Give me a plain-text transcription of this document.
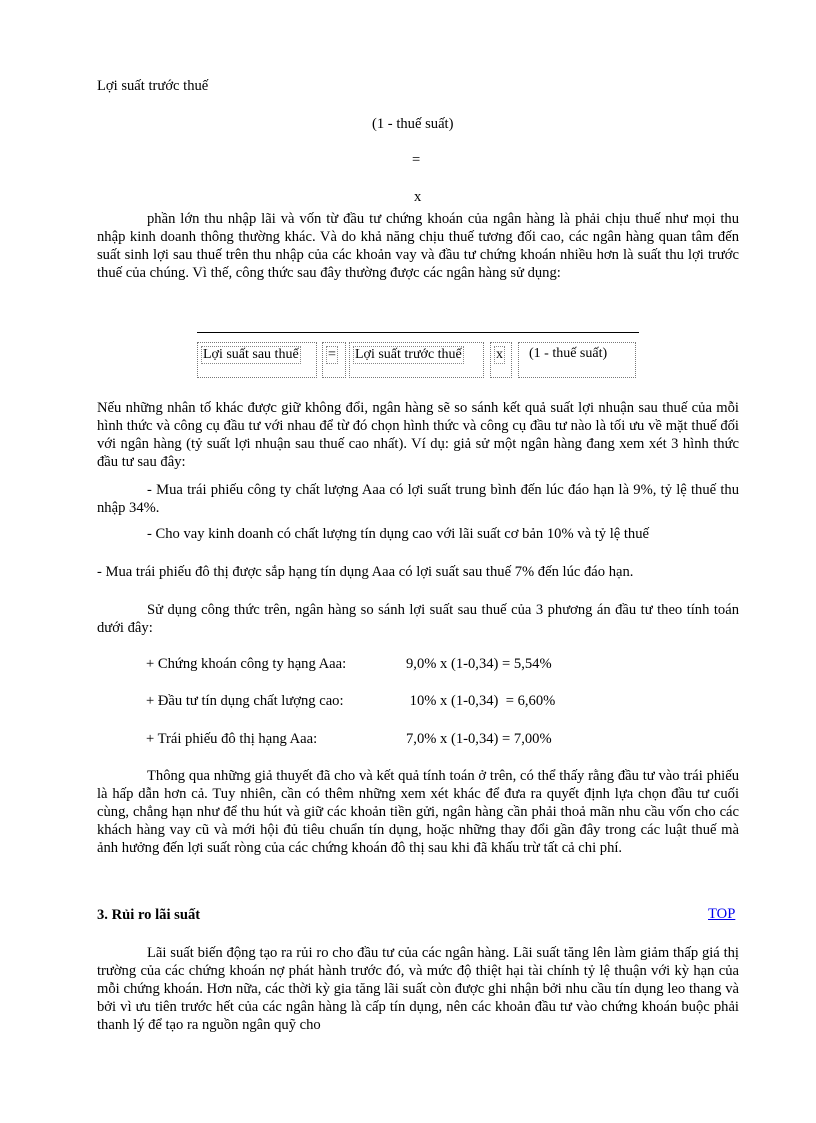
Lợi suất trước thuế
(1 - thuế suất)
=
x
phần lớn thu nhập lãi và vốn từ đầu tư chứng khoán của ngân hàng là phải chịu thuế như mọi thu nhập kinh doanh thông thường khác. Và do khả năng chịu thuế tương đối cao, các ngân hàng quan tâm đến suất sinh lợi sau thuế trên thu nhập của các khoản vay và đầu tư chứng khoán nhiều hơn là suất thu lợi trước thuế của chúng. Vì thế, công thức sau đây thường được các ngân hàng sử dụng:
Lợi suất sau thuế = Lợi suất trước thuế x (1 - thuế suất)
Nếu những nhân tố khác được giữ không đổi, ngân hàng sẽ so sánh kết quả suất lợi nhuận sau thuế của mỗi hình thức và công cụ đầu tư với nhau để từ đó chọn hình thức và công cụ đầu tư nào là tối ưu về mặt thuế đối với ngân hàng (tỷ suất lợi nhuận sau thuế cao nhất). Ví dụ: giả sử một ngân hàng đang xem xét 3 hình thức đầu tư sau đây:
- Mua trái phiếu công ty chất lượng Aaa có lợi suất trung bình đến lúc đáo hạn là 9%, tỷ lệ thuế thu nhập 34%.
- Cho vay kinh doanh có chất lượng tín dụng cao với lãi suất cơ bản 10% và tỷ lệ thuế
- Mua trái phiếu đô thị được sắp hạng tín dụng Aaa có lợi suất sau thuế 7% đến lúc đáo hạn.
Sử dụng công thức trên, ngân hàng so sánh lợi suất sau thuế của 3 phương án đầu tư theo tính toán dưới đây:
+ Chứng khoán công ty hạng Aaa:	9,0% x (1-0,34) = 5,54%
+ Đầu tư tín dụng chất lượng cao:	10% x (1-0,34)  = 6,60%
+ Trái phiếu đô thị hạng Aaa:	7,0% x (1-0,34) = 7,00%
Thông qua những giả thuyết đã cho và kết quả tính toán ở trên, có thể thấy rằng đầu tư vào trái phiếu là hấp dẫn hơn cả. Tuy nhiên, cần có thêm những xem xét khác để đưa ra quyết định lựa chọn đầu tư cuối cùng, chẳng hạn như để thu hút và giữ các khoản tiền gửi, ngân hàng cần phải thoả mãn nhu cầu vốn cho các khách hàng vay cũ và mới hội đủ tiêu chuẩn tín dụng, hoặc những thay đổi gần đây trong các luật thuế mà ảnh hưởng đến lợi suất ròng của các chứng khoán đô thị sau khi đã khấu trừ tất cả chi phí.
3. Rủi ro lãi suất	TOP
Lãi suất biến động tạo ra rủi ro cho đầu tư của các ngân hàng. Lãi suất tăng lên làm giảm thấp giá thị trường của các chứng khoán nợ phát hành trước đó, và mức độ thiệt hại tài chính tỷ lệ thuận với kỳ hạn của mỗi chứng khoán. Hơn nữa, các thời kỳ gia tăng lãi suất còn được ghi nhận bởi nhu cầu tín dụng leo thang và bởi vì ưu tiên trước hết của các ngân hàng là cấp tín dụng, nên các khoản đầu tư vào chứng khoán buộc phải thanh lý để tạo ra nguồn ngân quỹ cho
